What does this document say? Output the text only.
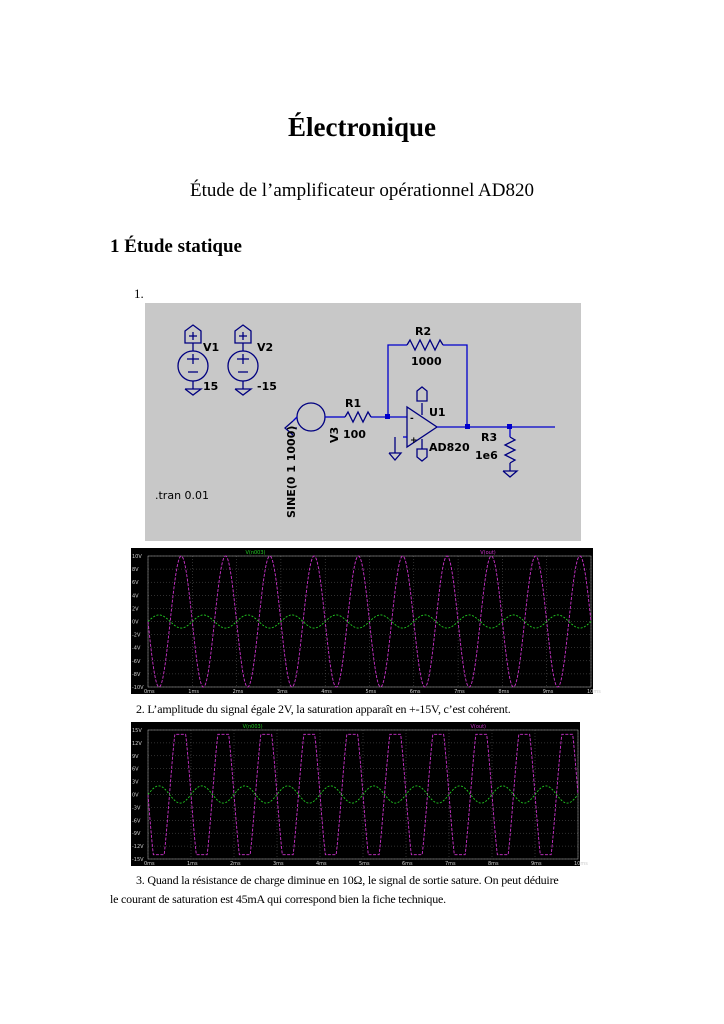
Électronique
Étude de l’amplificateur opérationnel AD820
1 Étude statique
1.
V1
15
V2
-15
V3
SINE(0 1 1000)
R1
100
R2
1000
-
+
U1
AD820
R3
1e6
.tran 0.01
10V
8V
6V
4V
2V
0V
-2V
-4V
-6V
-8V
-10V
0ms	1ms	2ms	3ms	4ms	5ms	6ms	7ms	8ms	9ms	10ms
V(n003)	V(out)
2. L’amplitude du signal égale 2V, la saturation apparaît en +-15V, c’est cohérent.
15V
12V
9V
6V
3V
0V
-3V
-6V
-9V
-12V
-15V
0ms	1ms	2ms	3ms	4ms	5ms	6ms	7ms	8ms	9ms	10ms
V(n003)	V(out)
3. Quand la résistance de charge diminue en 10Ω, le signal de sortie sature. On peut déduire
le courant de saturation est 45mA qui correspond bien la fiche technique.
